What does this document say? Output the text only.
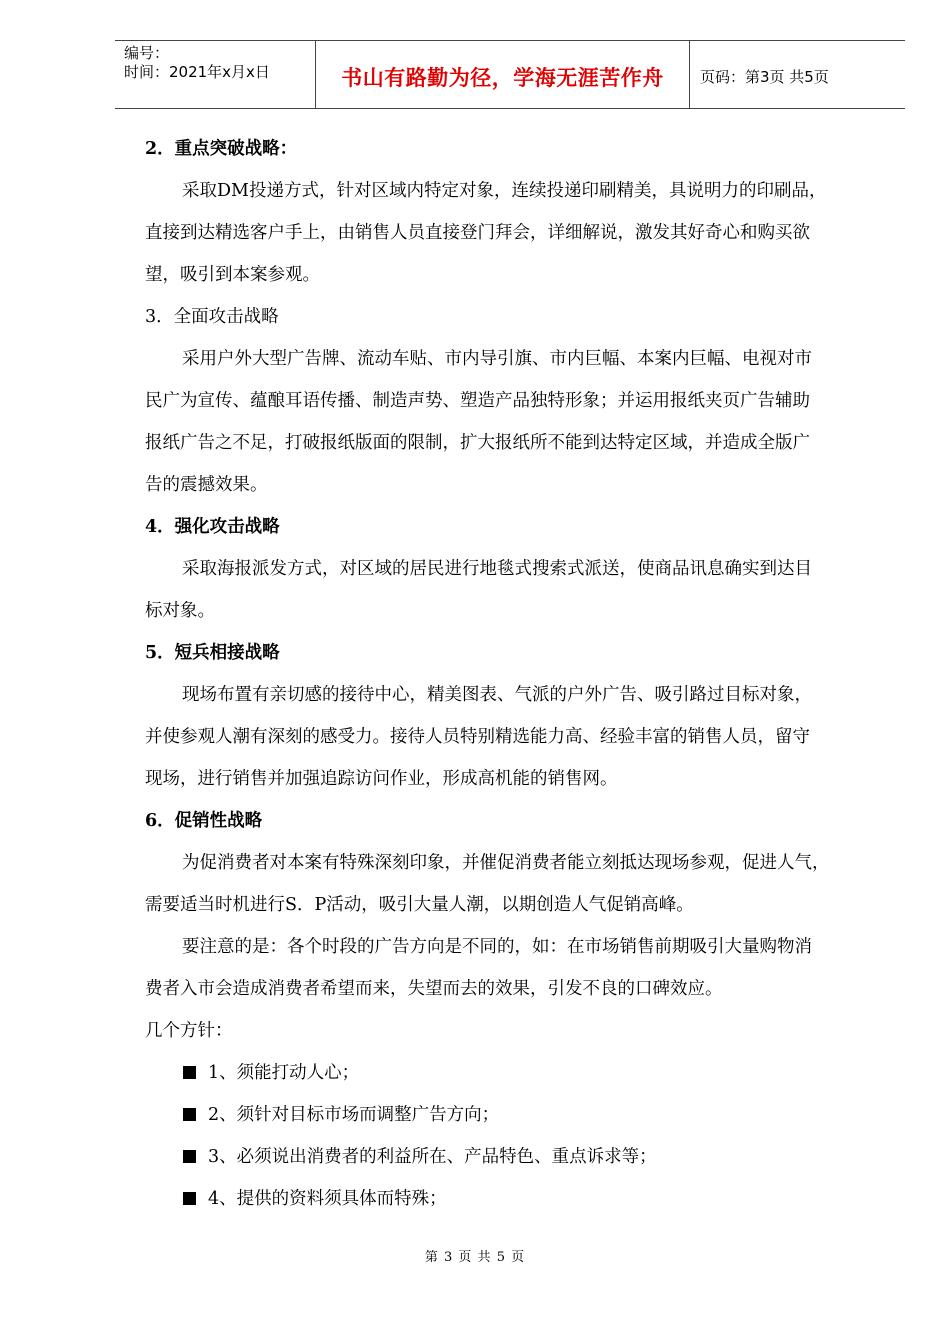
编号：
时间：2021年x月x日	书山有路勤为径，学海无涯苦作舟 页码：第3页 共5页
2．重点突破战略：
采取DM投递方式，针对区域内特定对象，连续投递印刷精美，具说明力的印刷品，
直接到达精选客户手上，由销售人员直接登门拜会，详细解说，激发其好奇心和购买欲
望，吸引到本案参观。
3．全面攻击战略
采用户外大型广告牌、流动车贴、市内导引旗、市内巨幅、本案内巨幅、电视对市
民广为宣传、蕴酿耳语传播、制造声势、塑造产品独特形象；并运用报纸夹页广告辅助
报纸广告之不足，打破报纸版面的限制，扩大报纸所不能到达特定区域，并造成全版广
告的震撼效果。
4．强化攻击战略
采取海报派发方式，对区域的居民进行地毯式搜索式派送，使商品讯息确实到达目
标对象。
5．短兵相接战略
现场布置有亲切感的接待中心，精美图表、气派的户外广告、吸引路过目标对象，
并使参观人潮有深刻的感受力。接待人员特别精选能力高、经验丰富的销售人员，留守
现场，进行销售并加强追踪访问作业，形成高机能的销售网。
6．促销性战略
为促消费者对本案有特殊深刻印象，并催促消费者能立刻抵达现场参观，促进人气，
需要适当时机进行S．P活动，吸引大量人潮，以期创造人气促销高峰。
要注意的是：各个时段的广告方向是不同的，如：在市场销售前期吸引大量购物消
费者入市会造成消费者希望而来，失望而去的效果，引发不良的口碑效应。
几个方针：
1、须能打动人心；
2、须针对目标市场而调整广告方向；
3、必须说出消费者的利益所在、产品特色、重点诉求等；
4、提供的资料须具体而特殊；
第 3 页 共 5 页
